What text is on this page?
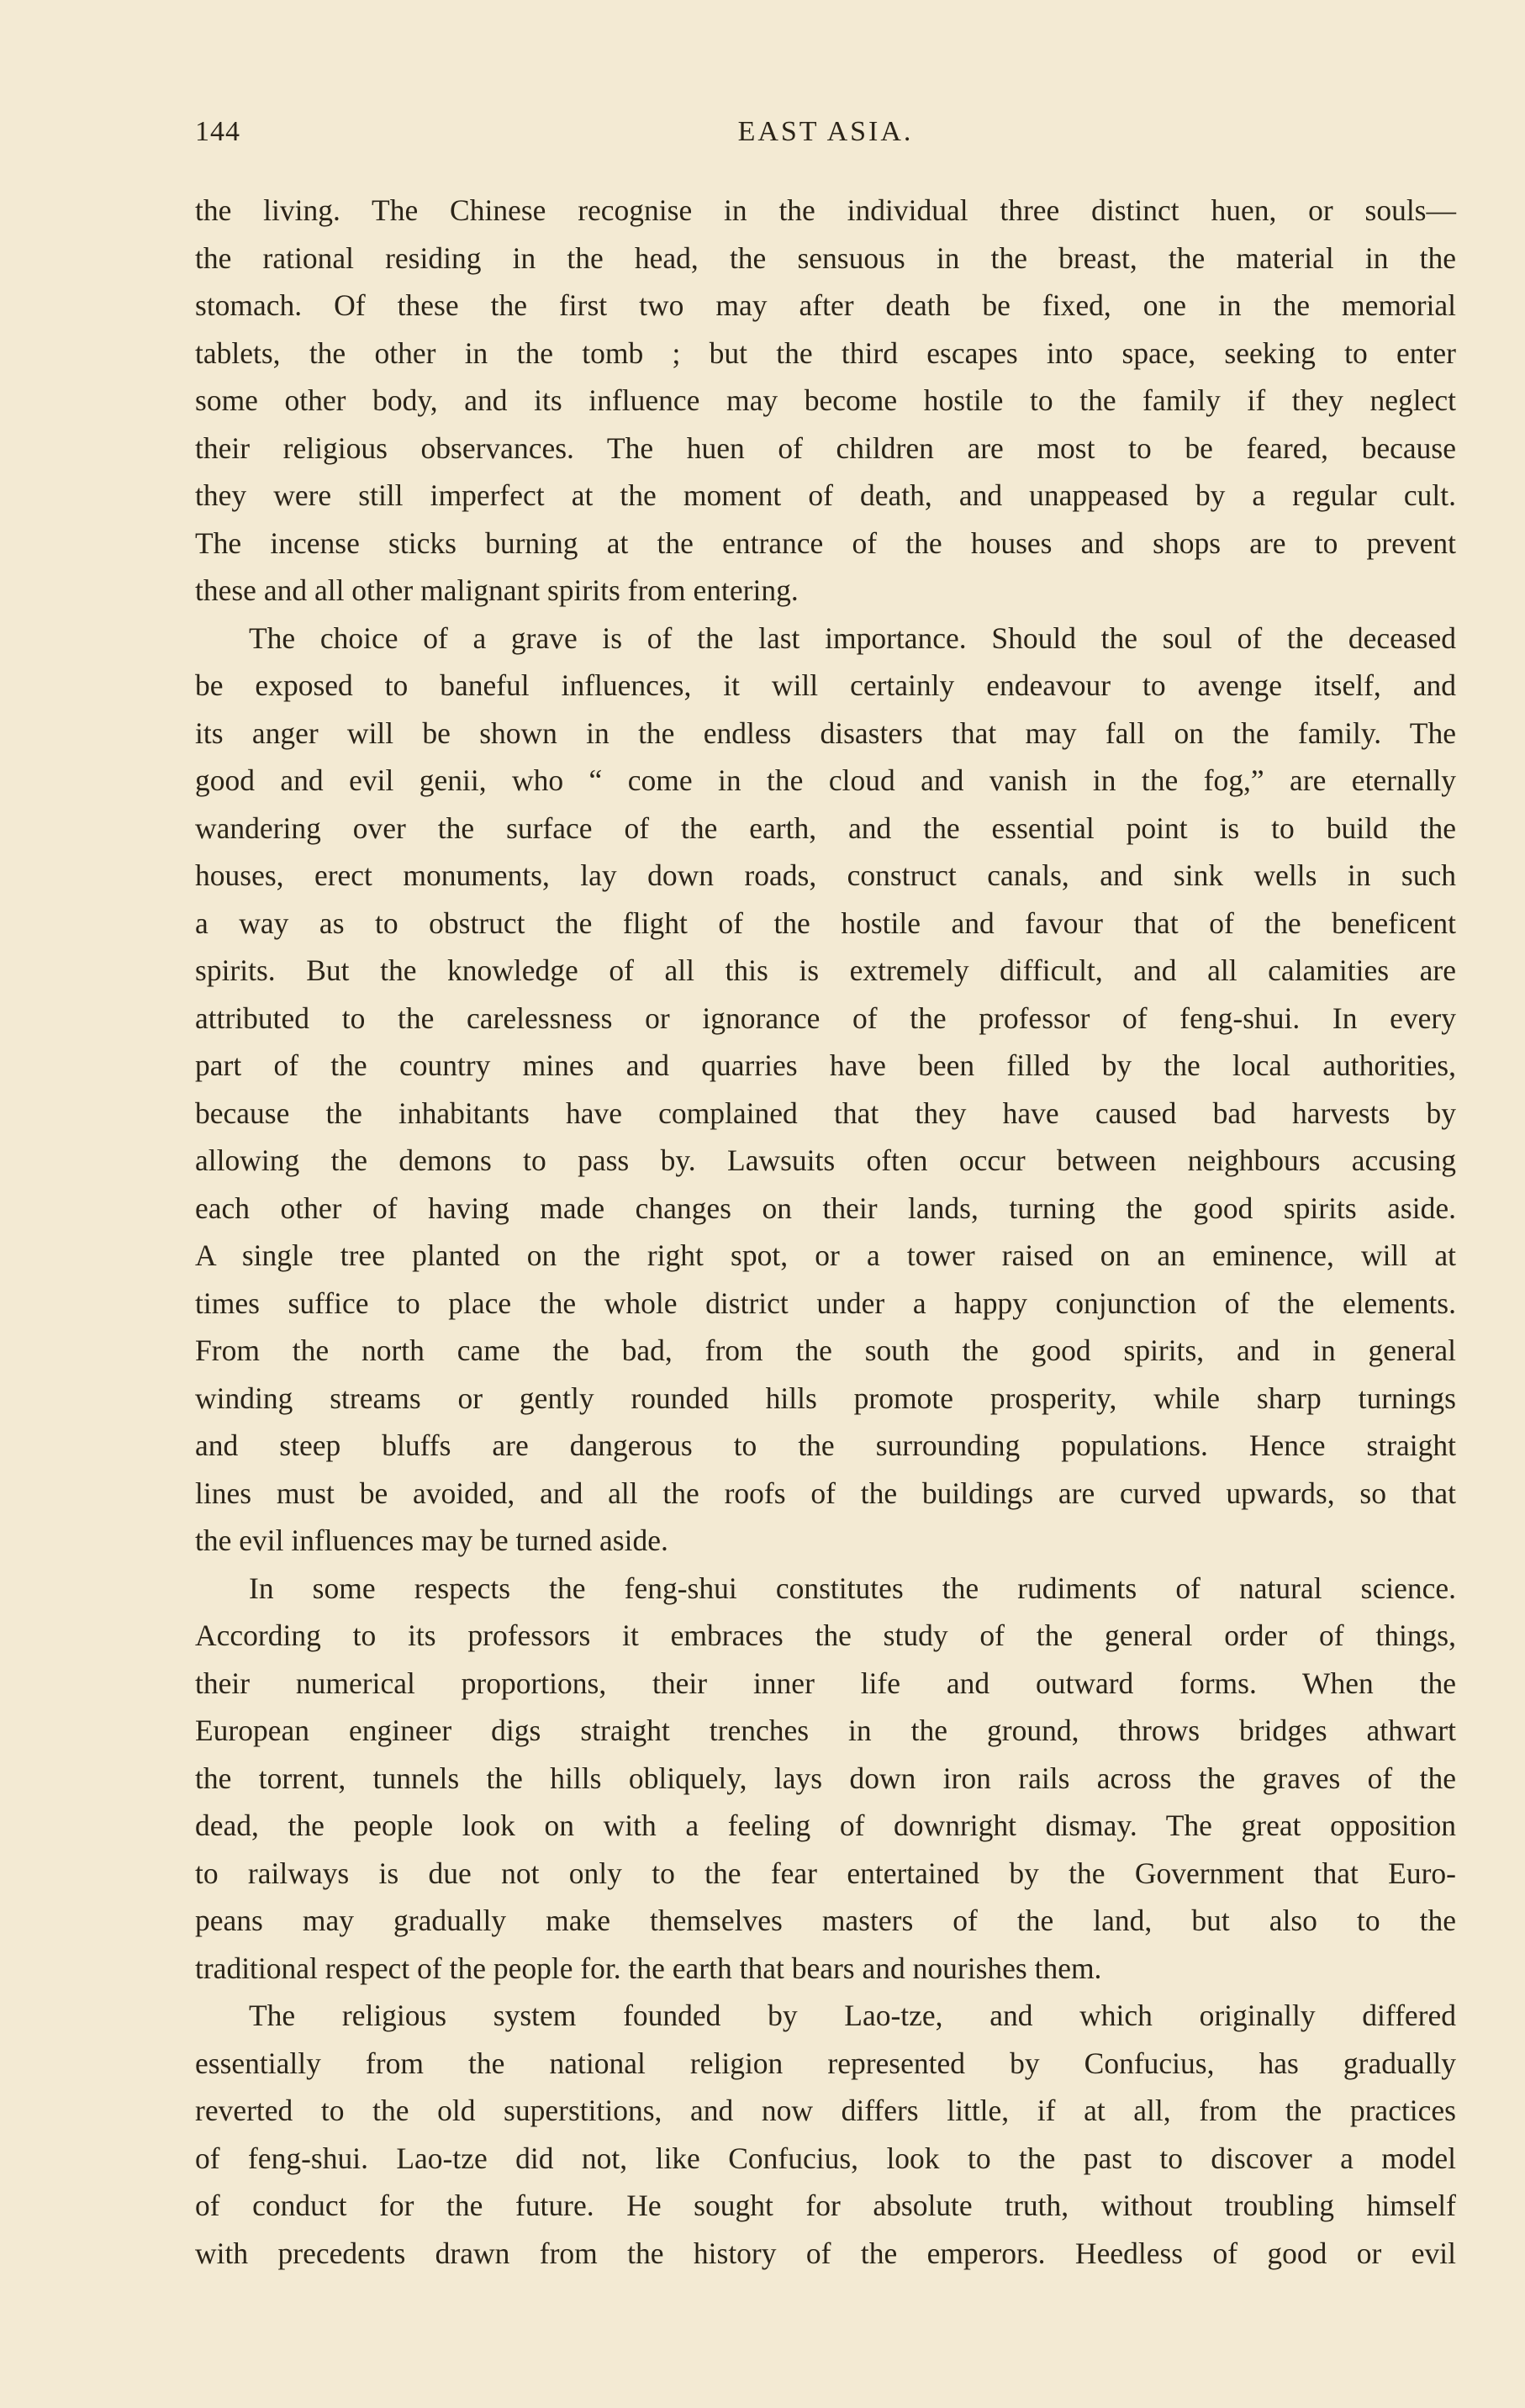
144	EAST ASIA.
the living. The Chinese recognise in the individual three distinct huen, or souls—
the rational residing in the head, the sensuous in the breast, the material in the
stomach. Of these the first two may after death be fixed, one in the memorial
tablets, the other in the tomb ; but the third escapes into space, seeking to enter
some other body, and its influence may become hostile to the family if they neglect
their religious observances. The huen of children are most to be feared, because
they were still imperfect at the moment of death, and unappeased by a regular cult.
The incense sticks burning at the entrance of the houses and shops are to prevent
these and all other malignant spirits from entering.
The choice of a grave is of the last importance. Should the soul of the deceased
be exposed to baneful influences, it will certainly endeavour to avenge itself, and
its anger will be shown in the endless disasters that may fall on the family. The
good and evil genii, who “ come in the cloud and vanish in the fog,” are eternally
wandering over the surface of the earth, and the essential point is to build the
houses, erect monuments, lay down roads, construct canals, and sink wells in such
a way as to obstruct the flight of the hostile and favour that of the beneficent
spirits. But the knowledge of all this is extremely difficult, and all calamities are
attributed to the carelessness or ignorance of the professor of feng-shui. In every
part of the country mines and quarries have been filled by the local authorities,
because the inhabitants have complained that they have caused bad harvests by
allowing the demons to pass by. Lawsuits often occur between neighbours accusing
each other of having made changes on their lands, turning the good spirits aside.
A single tree planted on the right spot, or a tower raised on an eminence, will at
times suffice to place the whole district under a happy conjunction of the elements.
From the north came the bad, from the south the good spirits, and in general
winding streams or gently rounded hills promote prosperity, while sharp turnings
and steep bluffs are dangerous to the surrounding populations. Hence straight
lines must be avoided, and all the roofs of the buildings are curved upwards, so that
the evil influences may be turned aside.
In some respects the feng-shui constitutes the rudiments of natural science.
According to its professors it embraces the study of the general order of things,
their numerical proportions, their inner life and outward forms. When the
European engineer digs straight trenches in the ground, throws bridges athwart
the torrent, tunnels the hills obliquely, lays down iron rails across the graves of the
dead, the people look on with a feeling of downright dismay. The great opposition
to railways is due not only to the fear entertained by the Government that Euro-
peans may gradually make themselves masters of the land, but also to the
traditional respect of the people for. the earth that bears and nourishes them.
The religious system founded by Lao-tze, and which originally differed
essentially from the national religion represented by Confucius, has gradually
reverted to the old superstitions, and now differs little, if at all, from the practices
of feng-shui. Lao-tze did not, like Confucius, look to the past to discover a model
of conduct for the future. He sought for absolute truth, without troubling himself
with precedents drawn from the history of the emperors. Heedless of good or evil
